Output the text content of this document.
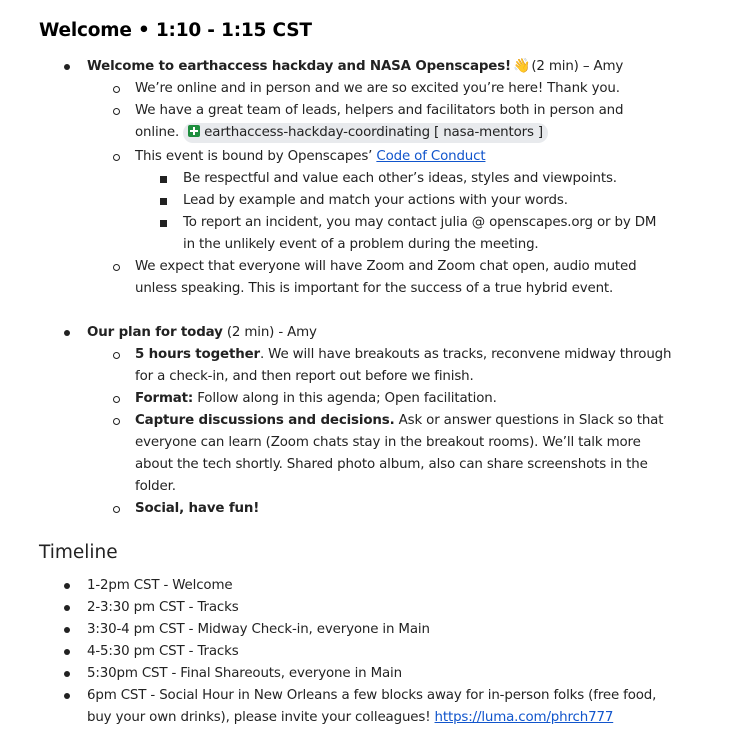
Welcome • 1:10 - 1:15 CST
Welcome to earthaccess hackday and NASA Openscapes! 👋(2 min) – Amy
We’re online and in person and we are so excited you’re here! Thank you.
We have a great team of leads, helpers and facilitators both in person and
online. earthaccess-hackday-coordinating [ nasa-mentors ]
This event is bound by Openscapes’ Code of Conduct
Be respectful and value each other’s ideas, styles and viewpoints.
Lead by example and match your actions with your words.
To report an incident, you may contact julia @ openscapes.org or by DM
in the unlikely event of a problem during the meeting.
We expect that everyone will have Zoom and Zoom chat open, audio muted
unless speaking. This is important for the success of a true hybrid event.
Our plan for today (2 min) - Amy
5 hours together. We will have breakouts as tracks, reconvene midway through
for a check-in, and then report out before we finish.
Format: Follow along in this agenda; Open facilitation.
Capture discussions and decisions. Ask or answer questions in Slack so that
everyone can learn (Zoom chats stay in the breakout rooms). We’ll talk more
about the tech shortly. Shared photo album, also can share screenshots in the
folder.
Social, have fun!
Timeline
1-2pm CST - Welcome
2-3:30 pm CST - Tracks
3:30-4 pm CST - Midway Check-in, everyone in Main
4-5:30 pm CST - Tracks
5:30pm CST - Final Shareouts, everyone in Main
6pm CST - Social Hour in New Orleans a few blocks away for in-person folks (free food,
buy your own drinks), please invite your colleagues! https://luma.com/phrch777
